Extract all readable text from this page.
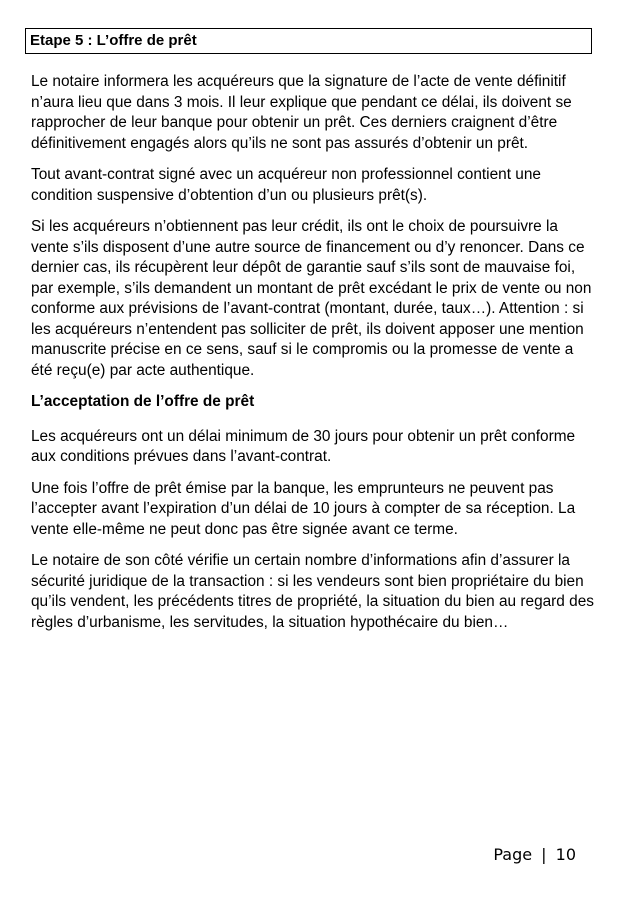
Etape 5 : L’offre de prêt

Le notaire informera les acquéreurs que la signature de l’acte de vente définitif n’aura lieu que dans 3 mois. Il leur explique que pendant ce délai, ils doivent se rapprocher de leur banque pour obtenir un prêt. Ces derniers craignent d’être définitivement engagés alors qu’ils ne sont pas assurés d’obtenir un prêt.

Tout avant-contrat signé avec un acquéreur non professionnel contient une condition suspensive d’obtention d’un ou plusieurs prêt(s).

Si les acquéreurs n’obtiennent pas leur crédit, ils ont le choix de poursuivre la vente s’ils disposent d’une autre source de financement ou d’y renoncer. Dans ce dernier cas, ils récupèrent leur dépôt de garantie sauf s’ils sont de mauvaise foi, par exemple, s’ils demandent un montant de prêt excédant le prix de vente ou non conforme aux prévisions de l’avant-contrat (montant, durée, taux…). Attention : si les acquéreurs n’entendent pas solliciter de prêt, ils doivent apposer une mention manuscrite précise en ce sens, sauf si le compromis ou la promesse de vente a été reçu(e) par acte authentique.

L’acceptation de l’offre de prêt

Les acquéreurs ont un délai minimum de 30 jours pour obtenir un prêt conforme aux conditions prévues dans l’avant-contrat.

Une fois l’offre de prêt émise par la banque, les emprunteurs ne peuvent pas l’accepter avant l’expiration d’un délai de 10 jours à compter de sa réception. La vente elle-même ne peut donc pas être signée avant ce terme.

Le notaire de son côté vérifie un certain nombre d’informations afin d’assurer la sécurité juridique de la transaction : si les vendeurs sont bien propriétaire du bien qu’ils vendent, les précédents titres de propriété, la situation du bien au regard des règles d’urbanisme, les servitudes, la situation hypothécaire du bien…

Page | 10
